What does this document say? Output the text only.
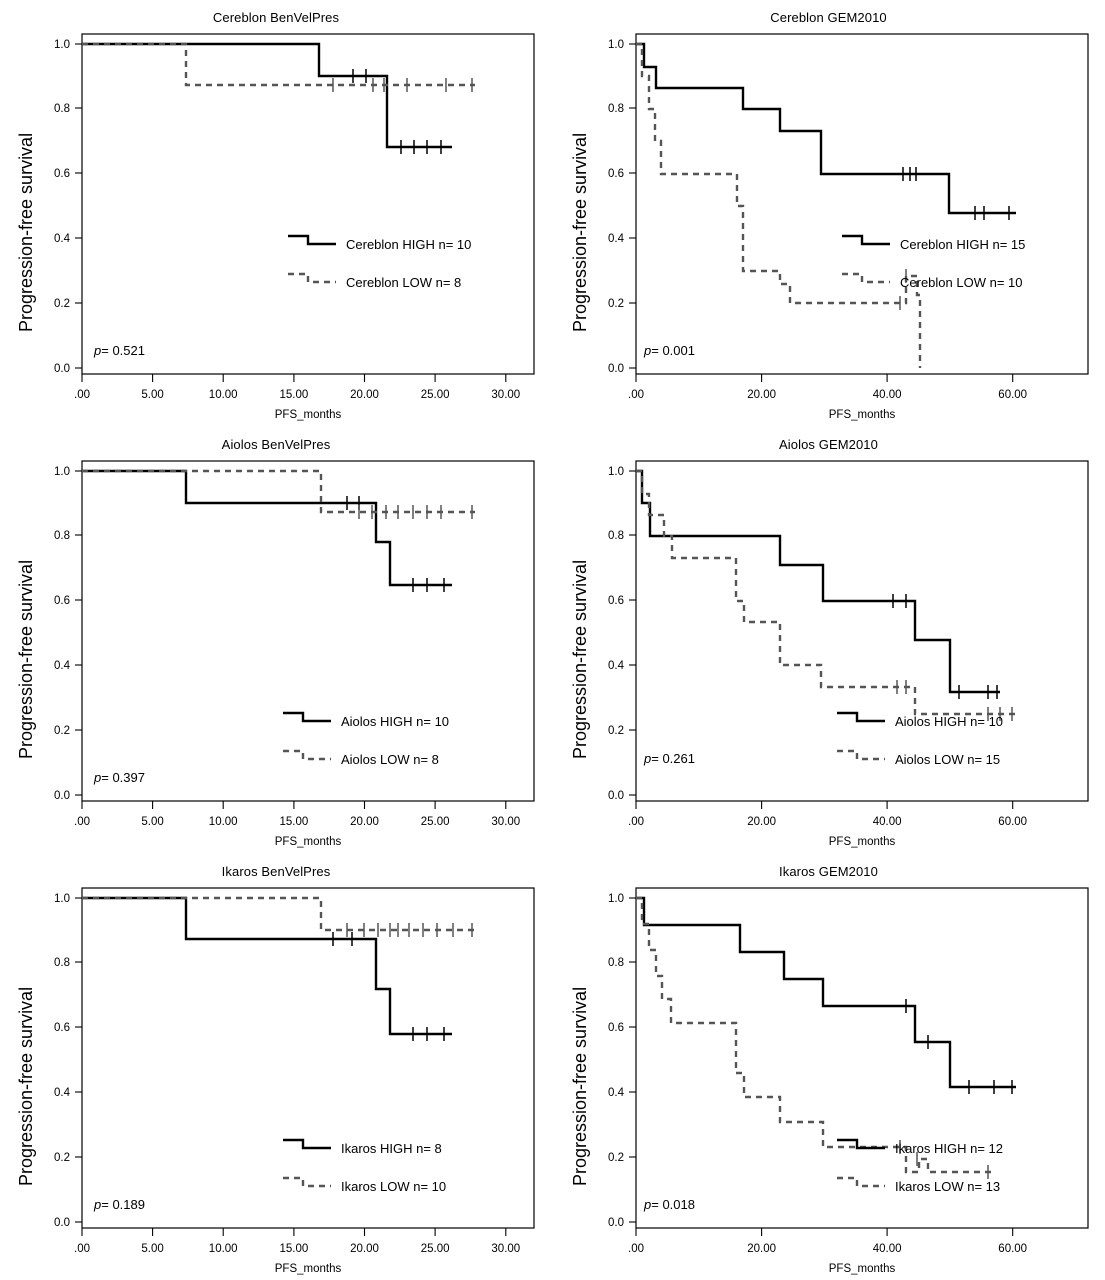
Cereblon BenVelPres
Progression-free survival
1.0
0.8
0.6
0.4
0.2
0.0
.00	5.00	10.00	15.00	20.00	25.00	30.00
PFS_months
Cereblon HIGH n= 10
Cereblon LOW n= 8
p= 0.521
Cereblon GEM2010
Progression-free survival
1.0
0.8
0.6
0.4
0.2
0.0
.00	20.00	40.00	60.00
PFS_months
Cereblon HIGH n= 15
Cereblon LOW n= 10
p= 0.001
Aiolos BenVelPres
Progression-free survival
1.0
0.8
0.6
0.4
0.2
0.0
.00	5.00	10.00	15.00	20.00	25.00	30.00
PFS_months
Aiolos HIGH n= 10
Aiolos LOW n= 8
p= 0.397
Aiolos GEM2010
Progression-free survival
1.0
0.8
0.6
0.4
0.2
0.0
.00	20.00	40.00	60.00
PFS_months
Aiolos HIGH n= 10
Aiolos LOW n= 15
p= 0.261
Ikaros BenVelPres
Progression-free survival
1.0
0.8
0.6
0.4
0.2
0.0
.00	5.00	10.00	15.00	20.00	25.00	30.00
PFS_months
Ikaros HIGH n= 8
Ikaros LOW n= 10
p= 0.189
Ikaros GEM2010
Progression-free survival
1.0
0.8
0.6
0.4
0.2
0.0
.00	20.00	40.00	60.00
PFS_months
Ikaros HIGH n= 12
Ikaros LOW n= 13
p= 0.018
